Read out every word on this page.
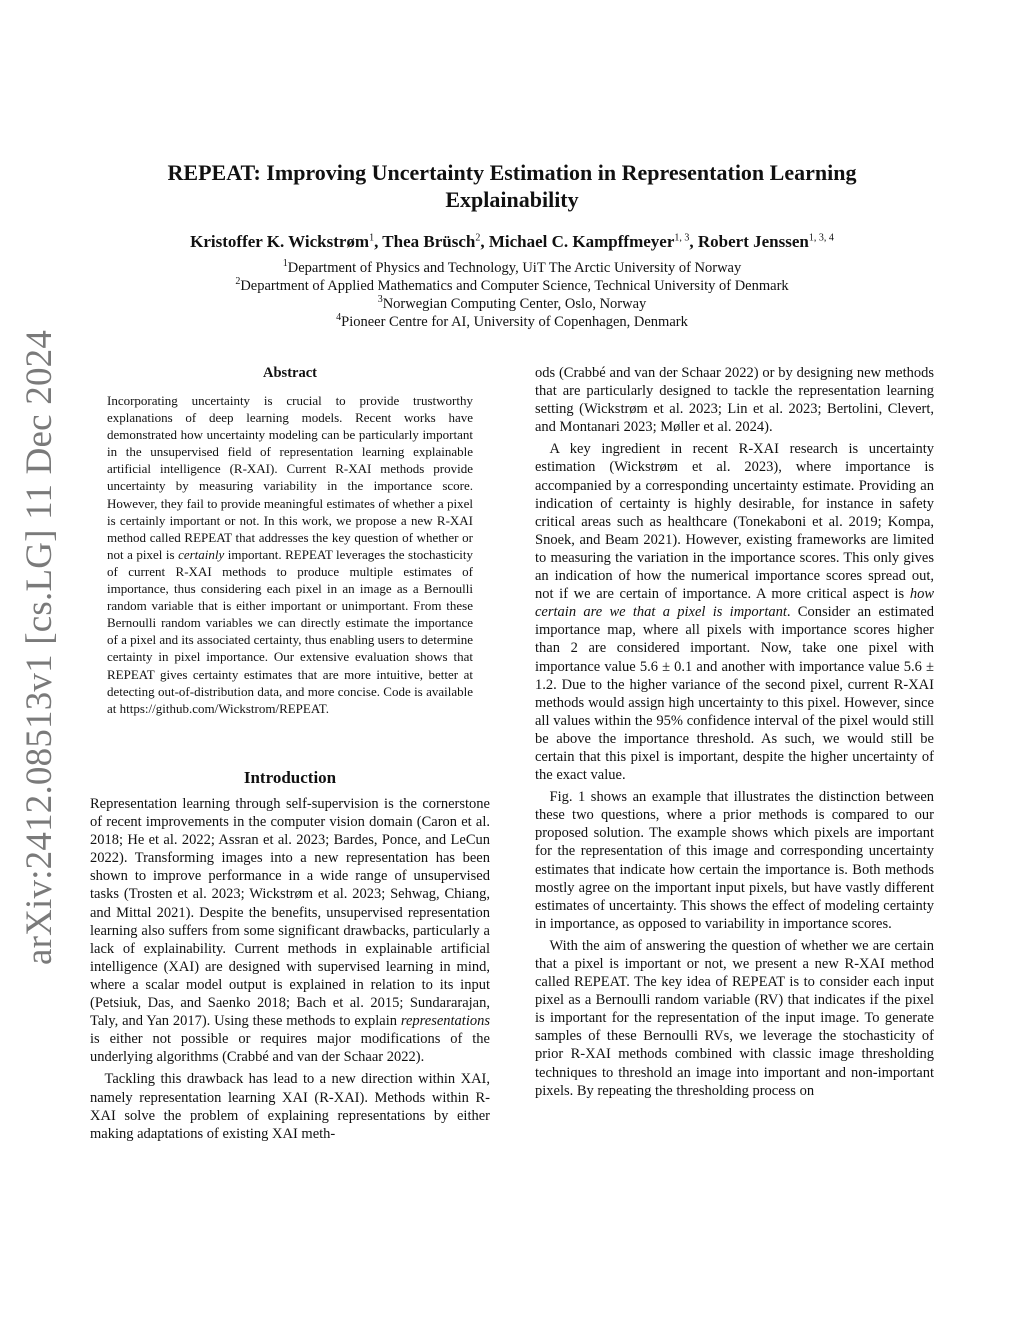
arXiv:2412.08513v1 [cs.LG] 11 Dec 2024
REPEAT: Improving Uncertainty Estimation in Representation Learning Explainability
Kristoffer K. Wickstrøm$^1$, Thea Brüsch$^2$, Michael C. Kampffmeyer$^{1, 3}$, Robert Jenssen$^{1, 3, 4}$
$^1$Department of Physics and Technology, UiT The Arctic University of Norway
$^2$Department of Applied Mathematics and Computer Science, Technical University of Denmark
$^3$Norwegian Computing Center, Oslo, Norway
$^4$Pioneer Centre for AI, University of Copenhagen, Denmark
Abstract

Incorporating uncertainty is crucial to provide trustworthy explanations of deep learning models. Recent works have demonstrated how uncertainty modeling can be particularly important in the unsupervised field of representation learning explainable artificial intelligence (R-XAI). Current R-XAI methods provide uncertainty by measuring variability in the importance score. However, they fail to provide meaningful estimates of whether a pixel is certainly important or not. In this work, we propose a new R-XAI method called REPEAT that addresses the key question of whether or not a pixel is certainly important. REPEAT leverages the stochasticity of current R-XAI methods to produce multiple estimates of importance, thus considering each pixel in an image as a Bernoulli random variable that is either important or unimportant. From these Bernoulli random variables we can directly estimate the importance of a pixel and its associated certainty, thus enabling users to determine certainty in pixel importance. Our extensive evaluation shows that REPEAT gives certainty estimates that are more intuitive, better at detecting out-of-distribution data, and more concise. Code is available at https://github.com/Wickstrom/REPEAT.

Introduction

Representation learning through self-supervision is the cornerstone of recent improvements in the computer vision domain (Caron et al. 2018; He et al. 2022; Assran et al. 2023; Bardes, Ponce, and LeCun 2022). Transforming images into a new representation has been shown to improve performance in a wide range of unsupervised tasks (Trosten et al. 2023; Wickstrøm et al. 2023; Sehwag, Chiang, and Mittal 2021). Despite the benefits, unsupervised representation learning also suffers from some significant drawbacks, particularly a lack of explainability. Current methods in explainable artificial intelligence (XAI) are designed with supervised learning in mind, where a scalar model output is explained in relation to its input (Petsiuk, Das, and Saenko 2018; Bach et al. 2015; Sundararajan, Taly, and Yan 2017). Using these methods to explain representations is either not possible or requires major modifications of the underlying algorithms (Crabbé and van der Schaar 2022).

Tackling this drawback has lead to a new direction within XAI, namely representation learning XAI (R-XAI). Methods within R-XAI solve the problem of explaining representations by either making adaptations of existing XAI meth-

ods (Crabbé and van der Schaar 2022) or by designing new methods that are particularly designed to tackle the representation learning setting (Wickstrøm et al. 2023; Lin et al. 2023; Bertolini, Clevert, and Montanari 2023; Møller et al. 2024).

A key ingredient in recent R-XAI research is uncertainty estimation (Wickstrøm et al. 2023), where importance is accompanied by a corresponding uncertainty estimate. Providing an indication of certainty is highly desirable, for instance in safety critical areas such as healthcare (Tonekaboni et al. 2019; Kompa, Snoek, and Beam 2021). However, existing frameworks are limited to measuring the variation in the importance scores. This only gives an indication of how the numerical importance scores spread out, not if we are certain of importance. A more critical aspect is how certain are we that a pixel is important. Consider an estimated importance map, where all pixels with importance scores higher than 2 are considered important. Now, take one pixel with importance value 5.6 ± 0.1 and another with importance value 5.6 ± 1.2. Due to the higher variance of the second pixel, current R-XAI methods would assign high uncertainty to this pixel. However, since all values within the 95% confidence interval of the pixel would still be above the importance threshold. As such, we would still be certain that this pixel is important, despite the higher uncertainty of the exact value.

Fig. 1 shows an example that illustrates the distinction between these two questions, where a prior methods is compared to our proposed solution. The example shows which pixels are important for the representation of this image and corresponding uncertainty estimates that indicate how certain the importance is. Both methods mostly agree on the important input pixels, but have vastly different estimates of uncertainty. This shows the effect of modeling certainty in importance, as opposed to variability in importance scores.

With the aim of answering the question of whether we are certain that a pixel is important or not, we present a new R-XAI method called REPEAT. The key idea of REPEAT is to consider each input pixel as a Bernoulli random variable (RV) that indicates if the pixel is important for the representation of the input image. To generate samples of these Bernoulli RVs, we leverage the stochasticity of prior R-XAI methods combined with classic image thresholding techniques to threshold an image into important and non-important pixels. By repeating the thresholding process on
